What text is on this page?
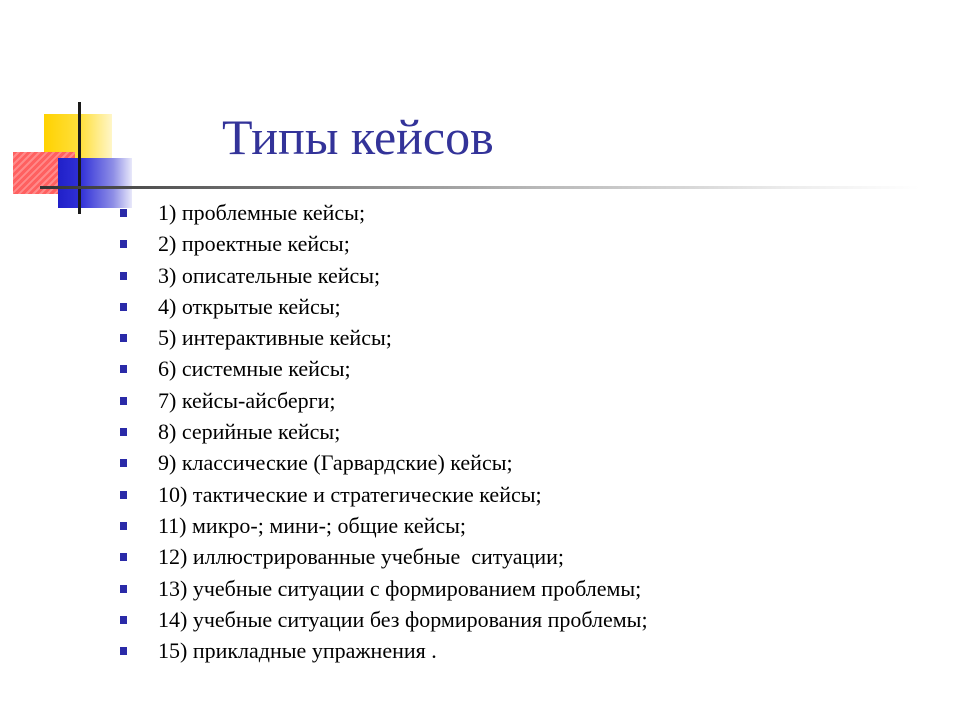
Типы кейсов
1) проблемные кейсы;
2) проектные кейсы;
3) описательные кейсы;
4) открытые кейсы;
5) интерактивные кейсы;
6) системные кейсы;
7) кейсы-айсберги;
8) серийные кейсы;
9) классические (Гарвардские) кейсы;
10) тактические и стратегические кейсы;
11) микро-; мини-; общие кейсы;
12) иллюстрированные учебные  ситуации;
13) учебные ситуации с формированием проблемы;
14) учебные ситуации без формирования проблемы;
15) прикладные упражнения .
